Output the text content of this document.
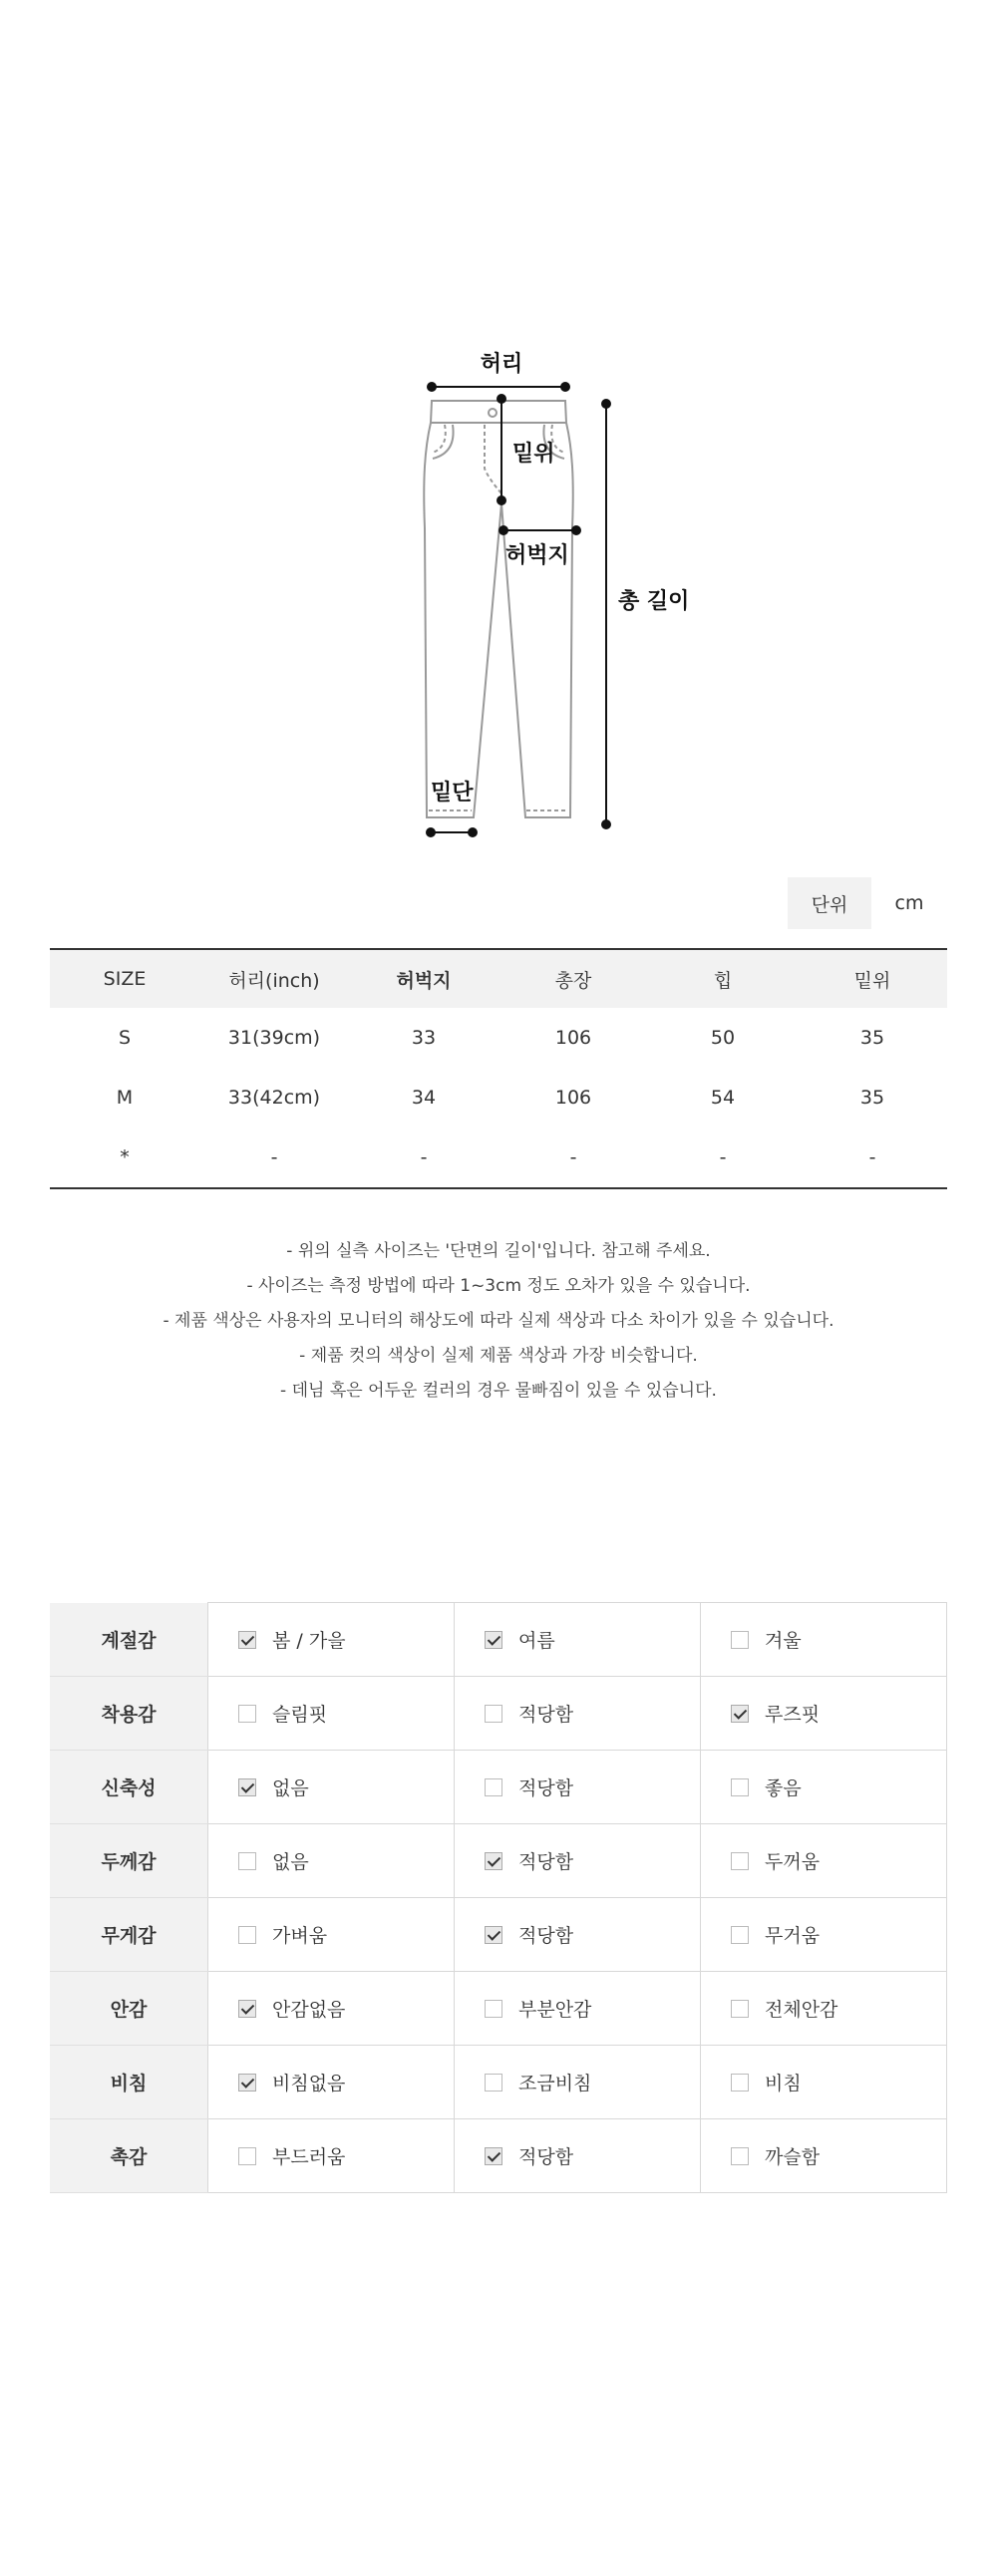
허리
밑위
허벅지
총 길이
밑단
단위	cm
SIZE	허리(inch)	허벅지	총장	힙	밑위
S	31(39cm)	33	106	50	35
M	33(42cm)	34	106	54	35
*	-	-	-	-	-

- 위의 실측 사이즈는 '단면의 길이'입니다. 참고해 주세요.

- 사이즈는 측정 방법에 따라 1~3cm 정도 오차가 있을 수 있습니다.

- 제품 색상은 사용자의 모니터의 해상도에 따라 실제 색상과 다소 차이가 있을 수 있습니다.

- 제품 컷의 색상이 실제 제품 색상과 가장 비슷합니다.

- 데님 혹은 어두운 컬러의 경우 물빠짐이 있을 수 있습니다.

계절감	봄 / 가을	여름	겨울
착용감	슬림핏	적당함	루즈핏
신축성	없음	적당함	좋음
두께감	없음	적당함	두꺼움
무게감	가벼움	적당함	무거움
안감	안감없음	부분안감	전체안감
비침	비침없음	조금비침	비침
촉감	부드러움	적당함	까슬함
